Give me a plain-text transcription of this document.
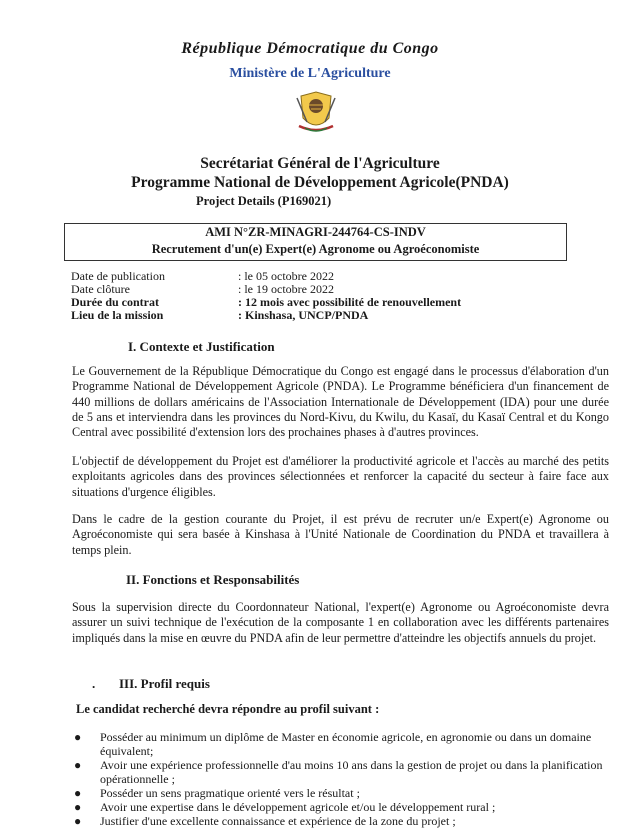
République Démocratique du Congo
Ministère de L'Agriculture
Secrétariat Général de l'Agriculture
Programme National de Développement Agricole(PNDA)
Project Details (P169021)
AMI N°ZR-MINAGRI-244764-CS-INDV
Recrutement d'un(e) Expert(e) Agronome ou Agroéconomiste
Date de publication	: le 05 octobre 2022
Date clôture	: le 19 octobre 2022
Durée du contrat	: 12 mois avec possibilité de renouvellement
Lieu de la mission	: Kinshasa, UNCP/PNDA
I. Contexte et Justification
Le Gouvernement de la République Démocratique du Congo est engagé dans le processus d'élaboration d'un Programme National de Développement Agricole (PNDA). Le Programme bénéficiera d'un financement de 440 millions de dollars américains de l'Association Internationale de Développement (IDA) pour une durée de 5 ans et interviendra dans les provinces du Nord-Kivu, du Kwilu, du Kasaï, du Kasaï Central et du Kongo Central avec possibilité d'extension lors des prochaines phases à d'autres provinces.
L'objectif de développement du Projet est d'améliorer la productivité agricole et l'accès au marché des petits exploitants agricoles dans des provinces sélectionnées et renforcer la capacité du secteur à faire face aux situations d'urgence éligibles.
Dans le cadre de la gestion courante du Projet, il est prévu de recruter un/e Expert(e) Agronome ou Agroéconomiste qui sera basée à Kinshasa à l'Unité Nationale de Coordination du PNDA et travaillera à temps plein.
II. Fonctions et Responsabilités
Sous la supervision directe du Coordonnateur National, l'expert(e) Agronome ou Agroéconomiste devra assurer un suivi technique de l'exécution de la composante 1 en collaboration avec les différents partenaires impliqués dans la mise en œuvre du PNDA afin de leur permettre d'atteindre les objectifs annuels du projet.
. III. Profil requis
Le candidat recherché devra répondre au profil suivant :
● Posséder au minimum un diplôme de Master en économie agricole, en agronomie ou dans un domaine équivalent;
● Avoir une expérience professionnelle d'au moins 10 ans dans la gestion de projet ou dans la planification opérationnelle ;
● Posséder un sens pragmatique orienté vers le résultat ;
● Avoir une expertise dans le développement agricole et/ou le développement rural ;
● Justifier d'une excellente connaissance et expérience de la zone du projet ;
